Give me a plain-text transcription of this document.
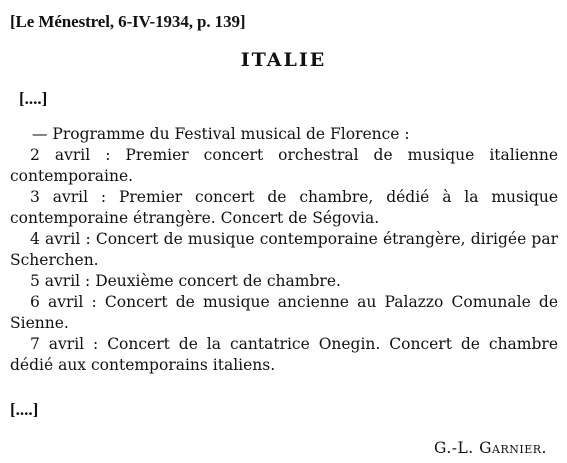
[Le Ménestrel, 6-IV-1934, p. 139]
ITALIE
[....]

— Programme du Festival musical de Florence :

2 avril : Premier concert orchestral de musique italienne contemporaine.

3 avril : Premier concert de chambre, dédié à la musique contemporaine étrangère. Concert de Ségovia.

4 avril : Concert de musique contemporaine étrangère, dirigée par Scherchen.

5 avril : Deuxième concert de chambre.

6 avril : Concert de musique ancienne au Palazzo Comunale de Sienne.

7 avril : Concert de la cantatrice Onegin. Concert de chambre dédié aux contemporains italiens.

[....]
G.-L. Garnier.
